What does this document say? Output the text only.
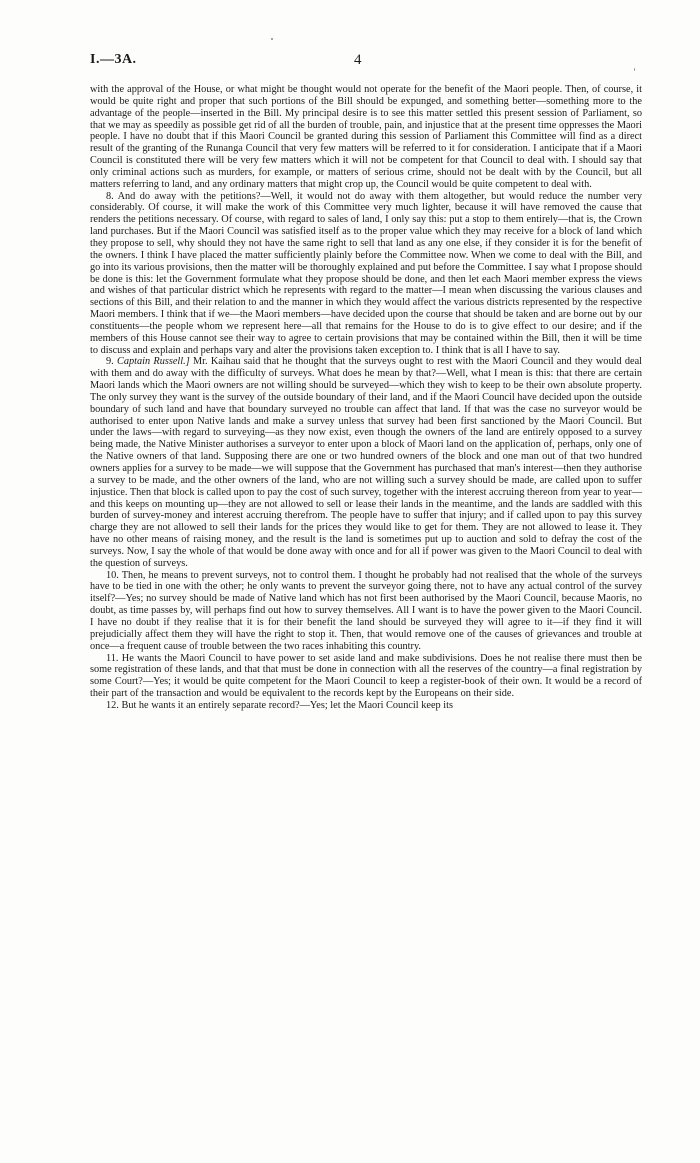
I.—3A.	4

with the approval of the House, or what might be thought would not operate for the benefit of the Maori people. Then, of course, it would be quite right and proper that such portions of the Bill should be expunged, and something better—something more to the advantage of the people—inserted in the Bill. My principal desire is to see this matter settled this present session of Parliament, so that we may as speedily as possible get rid of all the burden of trouble, pain, and injustice that at the present time oppresses the Maori people. I have no doubt that if this Maori Council be granted during this session of Parliament this Committee will find as a direct result of the granting of the Runanga Council that very few matters will be referred to it for consideration. I anticipate that if a Maori Council is constituted there will be very few matters which it will not be competent for that Council to deal with. I should say that only criminal actions such as murders, for example, or matters of serious crime, should not be dealt with by the Council, but all matters referring to land, and any ordinary matters that might crop up, the Council would be quite competent to deal with.

8. And do away with the petitions?—Well, it would not do away with them altogether, but would reduce the number very considerably. Of course, it will make the work of this Committee very much lighter, because it will have removed the cause that renders the petitions necessary. Of course, with regard to sales of land, I only say this: put a stop to them entirely—that is, the Crown land purchases. But if the Maori Council was satisfied itself as to the proper value which they may receive for a block of land which they propose to sell, why should they not have the same right to sell that land as any one else, if they consider it is for the benefit of the owners. I think I have placed the matter sufficiently plainly before the Committee now. When we come to deal with the Bill, and go into its various provisions, then the matter will be thoroughly explained and put before the Committee. I say what I propose should be done is this: let the Government formulate what they propose should be done, and then let each Maori member express the views and wishes of that particular district which he represents with regard to the matter—I mean when discussing the various clauses and sections of this Bill, and their relation to and the manner in which they would affect the various districts represented by the respective Maori members. I think that if we—the Maori members—have decided upon the course that should be taken and are borne out by our constituents—the people whom we represent here—all that remains for the House to do is to give effect to our desire; and if the members of this House cannot see their way to agree to certain provisions that may be contained within the Bill, then it will be time to discuss and explain and perhaps vary and alter the provisions taken exception to. I think that is all I have to say.

9. Captain Russell.] Mr. Kaihau said that he thought that the surveys ought to rest with the Maori Council and they would deal with them and do away with the difficulty of surveys. What does he mean by that?—Well, what I mean is this: that there are certain Maori lands which the Maori owners are not willing should be surveyed—which they wish to keep to be their own absolute property. The only survey they want is the survey of the outside boundary of their land, and if the Maori Council have decided upon the outside boundary of such land and have that boundary surveyed no trouble can affect that land. If that was the case no surveyor would be authorised to enter upon Native lands and make a survey unless that survey had been first sanctioned by the Maori Council. But under the laws—with regard to surveying—as they now exist, even though the owners of the land are entirely opposed to a survey being made, the Native Minister authorises a surveyor to enter upon a block of Maori land on the application of, perhaps, only one of the Native owners of that land. Supposing there are one or two hundred owners of the block and one man out of that two hundred owners applies for a survey to be made—we will suppose that the Government has purchased that man's interest—then they authorise a survey to be made, and the other owners of the land, who are not willing such a survey should be made, are called upon to suffer injustice. Then that block is called upon to pay the cost of such survey, together with the interest accruing thereon from year to year—and this keeps on mounting up—they are not allowed to sell or lease their lands in the meantime, and the lands are saddled with this burden of survey-money and interest accruing therefrom. The people have to suffer that injury; and if called upon to pay this survey charge they are not allowed to sell their lands for the prices they would like to get for them. They are not allowed to lease it. They have no other means of raising money, and the result is the land is sometimes put up to auction and sold to defray the cost of the surveys. Now, I say the whole of that would be done away with once and for all if power was given to the Maori Council to deal with the question of surveys.

10. Then, he means to prevent surveys, not to control them. I thought he probably had not realised that the whole of the surveys have to be tied in one with the other; he only wants to prevent the surveyor going there, not to have any actual control of the survey itself?—Yes; no survey should be made of Native land which has not first been authorised by the Maori Council, because Maoris, no doubt, as time passes by, will perhaps find out how to survey themselves. All I want is to have the power given to the Maori Council. I have no doubt if they realise that it is for their benefit the land should be surveyed they will agree to it—if they find it will prejudicially affect them they will have the right to stop it. Then, that would remove one of the causes of grievances and trouble at once—a frequent cause of trouble between the two races inhabiting this country.

11. He wants the Maori Council to have power to set aside land and make subdivisions. Does he not realise there must then be some registration of these lands, and that that must be done in connection with all the reserves of the country—a final registration by some Court?—Yes; it would be quite competent for the Maori Council to keep a register-book of their own. It would be a record of their part of the transaction and would be equivalent to the records kept by the Europeans on their side.

12. But he wants it an entirely separate record?—Yes; let the Maori Council keep its
